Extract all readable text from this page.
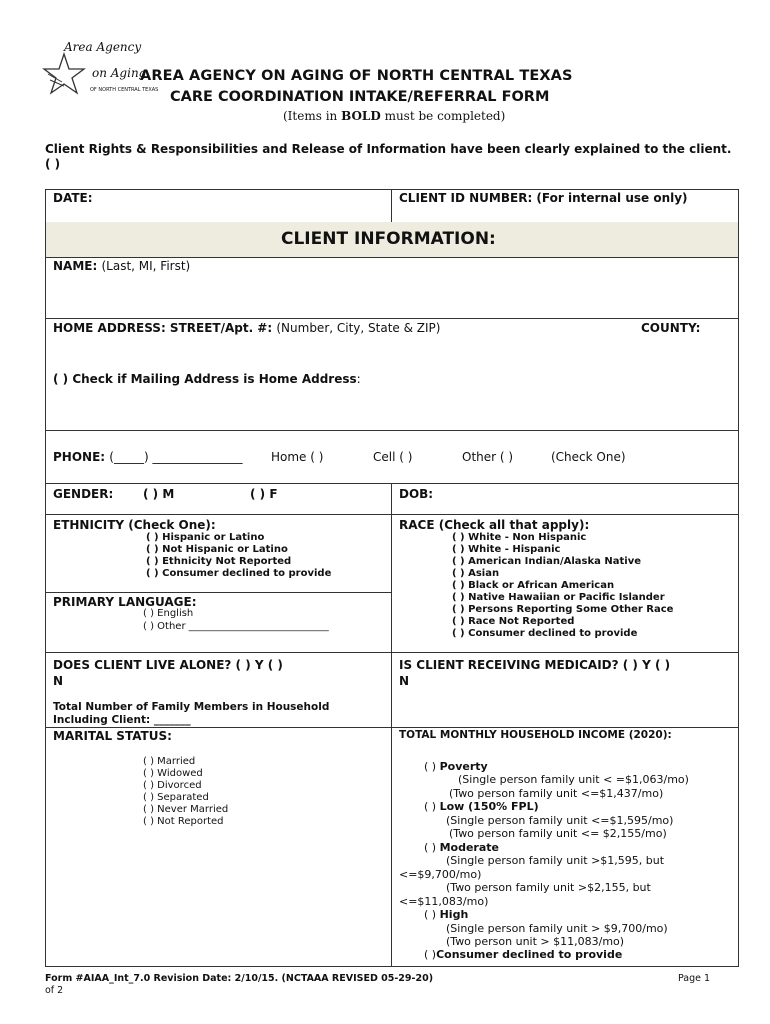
Area Agency
on Aging
OF NORTH CENTRAL TEXAS
AREA AGENCY ON AGING OF NORTH CENTRAL TEXAS
CARE COORDINATION INTAKE/REFERRAL FORM
(Items in BOLD must be completed)
Client Rights & Responsibilities and Release of Information have been clearly explained to the client. ( )
CLIENT INFORMATION:
DATE:	CLIENT ID NUMBER: (For internal use only)
NAME: (Last, MI, First)
HOME ADDRESS: STREET/Apt. #: (Number, City, State & ZIP)	COUNTY:
( ) Check if Mailing Address is Home Address:
PHONE: (_____) _______________ Home ( )	Cell ( )	Other ( )	(Check One)
GENDER: ( ) M	( ) F	DOB:
ETHNICITY (Check One):
( ) Hispanic or Latino
( ) Not Hispanic or Latino
( ) Ethnicity Not Reported
( ) Consumer declined to provide
PRIMARY LANGUAGE:
( ) English
( ) Other ____________________________
RACE (Check all that apply):
( ) White - Non Hispanic
( ) White - Hispanic
( ) American Indian/Alaska Native
( ) Asian
( ) Black or African American
( ) Native Hawaiian or Pacific Islander
( ) Persons Reporting Some Other Race
( ) Race Not Reported
( ) Consumer declined to provide
DOES CLIENT LIVE ALONE? ( ) Y ( )
N
Total Number of Family Members in Household
Including Client: _______
IS CLIENT RECEIVING MEDICAID? ( ) Y ( )
N
MARITAL STATUS:
( ) Married
( ) Widowed
( ) Divorced
( ) Separated
( ) Never Married
( ) Not Reported
TOTAL MONTHLY HOUSEHOLD INCOME (2020):
( ) Poverty
(Single person family unit < =$1,063/mo)
(Two person family unit <=$1,437/mo)
( ) Low (150% FPL)
(Single person family unit <=$1,595/mo)
(Two person family unit <= $2,155/mo)
( ) Moderate
(Single person family unit >$1,595, but
<=$9,700/mo)
(Two person family unit >$2,155, but
<=$11,083/mo)
( ) High
(Single person family unit > $9,700/mo)
(Two person unit > $11,083/mo)
( )Consumer declined to provide
Form #AIAA_Int_7.0 Revision Date: 2/10/15. (NCTAAA REVISED 05-29-20)
of 2
Page 1
